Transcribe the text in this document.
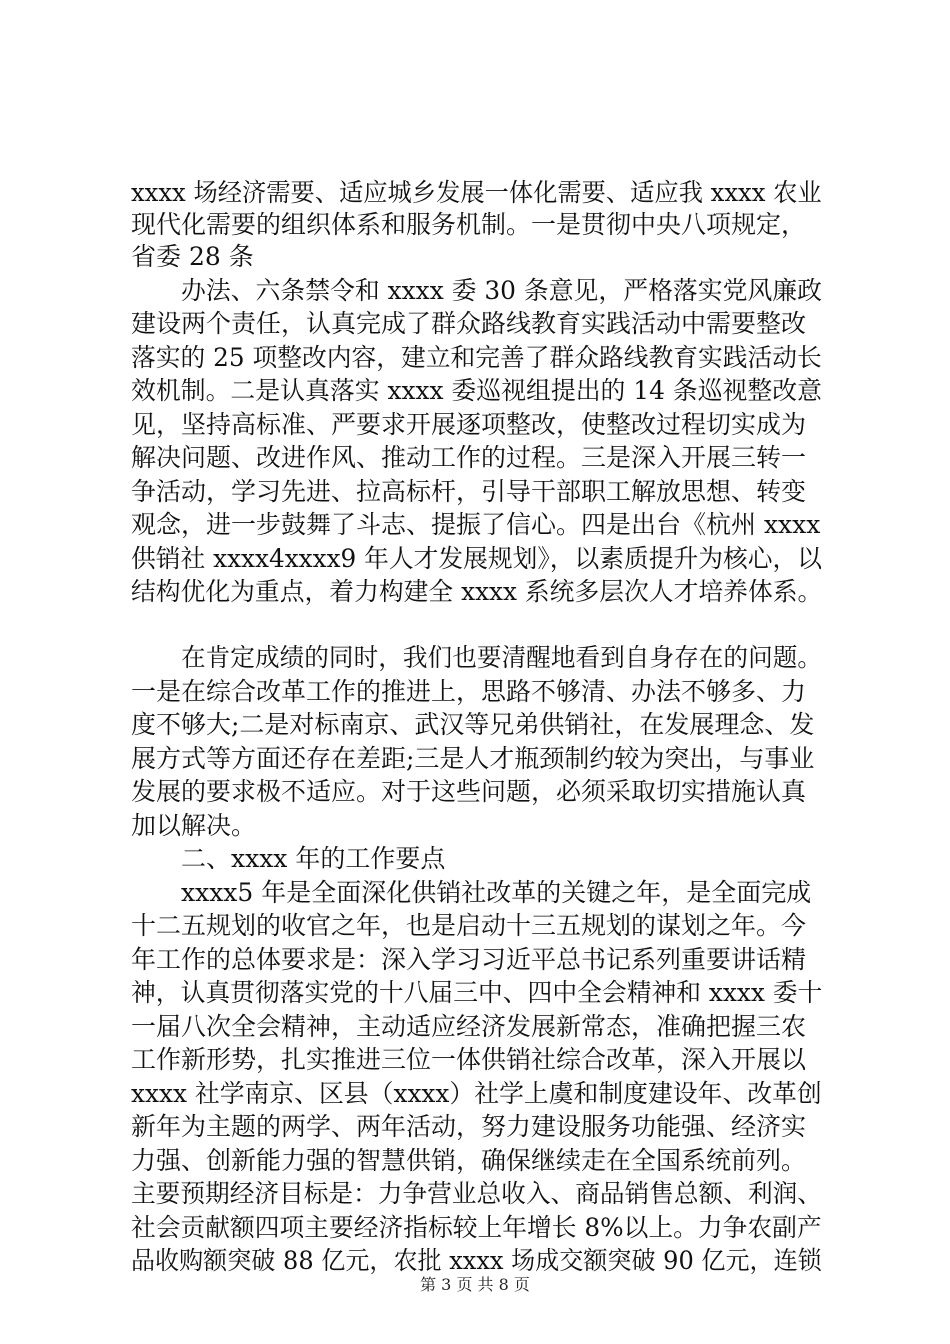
xxxx 场经济需要、适应城乡发展一体化需要、适应我 xxxx 农业
现代化需要的组织体系和服务机制。一是贯彻中央八项规定，
省委 28 条
办法、六条禁令和 xxxx 委 30 条意见，严格落实党风廉政
建设两个责任，认真完成了群众路线教育实践活动中需要整改
落实的 25 项整改内容，建立和完善了群众路线教育实践活动长
效机制。二是认真落实 xxxx 委巡视组提出的 14 条巡视整改意
见，坚持高标准、严要求开展逐项整改，使整改过程切实成为
解决问题、改进作风、推动工作的过程。三是深入开展三转一
争活动，学习先进、拉高标杆，引导干部职工解放思想、转变
观念，进一步鼓舞了斗志、提振了信心。四是出台《杭州 xxxx
供销社 xxxx4xxxx9 年人才发展规划》，以素质提升为核心，以
结构优化为重点，着力构建全 xxxx 系统多层次人才培养体系。
在肯定成绩的同时，我们也要清醒地看到自身存在的问题。
一是在综合改革工作的推进上，思路不够清、办法不够多、力
度不够大;二是对标南京、武汉等兄弟供销社，在发展理念、发
展方式等方面还存在差距;三是人才瓶颈制约较为突出，与事业
发展的要求极不适应。对于这些问题，必须采取切实措施认真
加以解决。
二、xxxx 年的工作要点
xxxx5 年是全面深化供销社改革的关键之年，是全面完成
十二五规划的收官之年，也是启动十三五规划的谋划之年。今
年工作的总体要求是：深入学习习近平总书记系列重要讲话精
神，认真贯彻落实党的十八届三中、四中全会精神和 xxxx 委十
一届八次全会精神，主动适应经济发展新常态，准确把握三农
工作新形势，扎实推进三位一体供销社综合改革，深入开展以
xxxx 社学南京、区县（xxxx）社学上虞和制度建设年、改革创
新年为主题的两学、两年活动，努力建设服务功能强、经济实
力强、创新能力强的智慧供销，确保继续走在全国系统前列。
主要预期经济目标是：力争营业总收入、商品销售总额、利润、
社会贡献额四项主要经济指标较上年增长 8%以上。力争农副产
品收购额突破 88 亿元，农批 xxxx 场成交额突破 90 亿元，连锁
第 3 页 共 8 页
